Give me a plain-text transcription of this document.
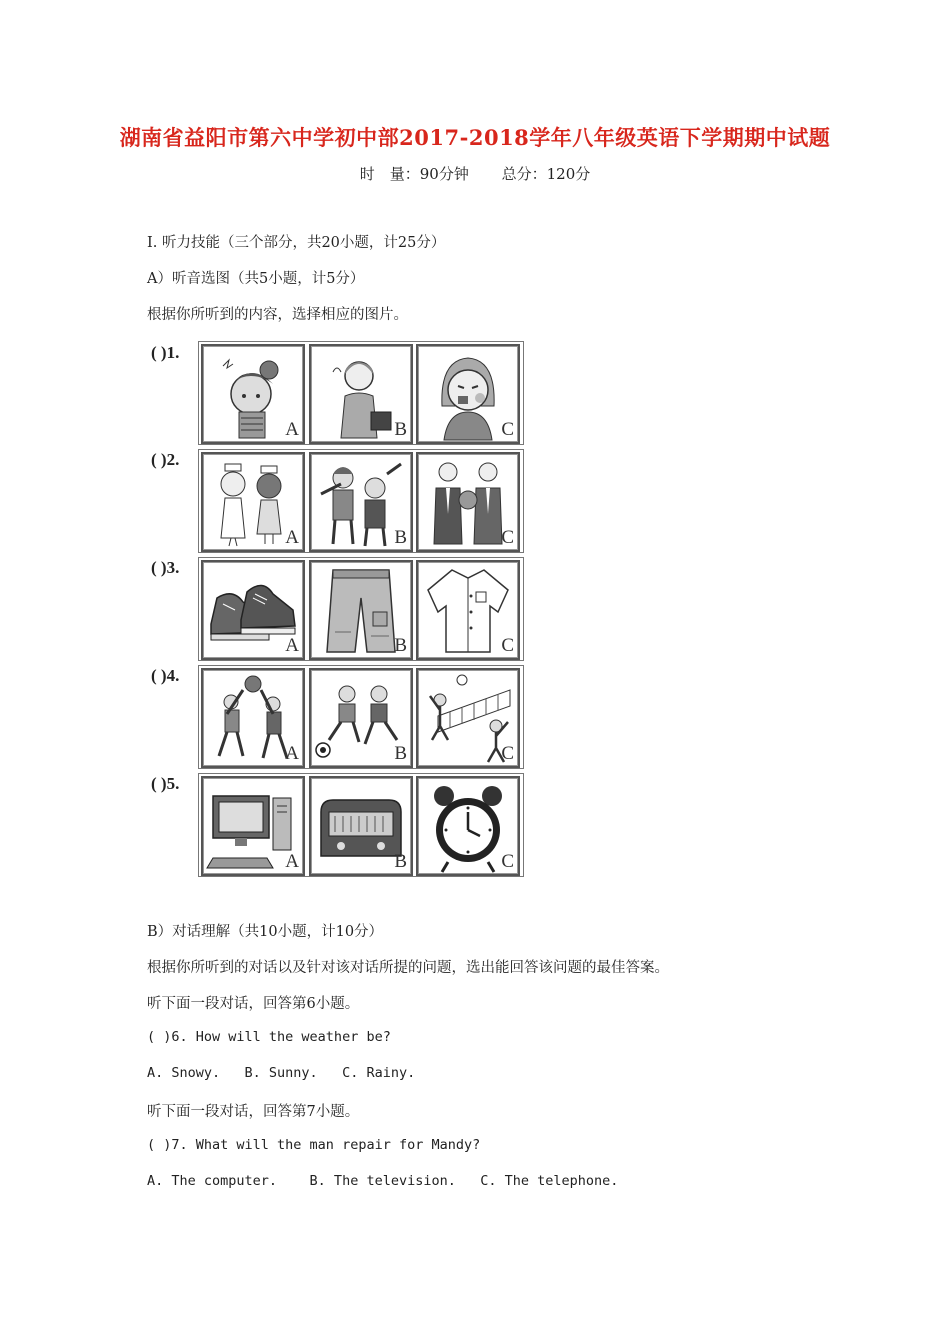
湖南省益阳市第六中学初中部2017-2018学年八年级英语下学期期中试题
时　量：90分钟 总分：120分
Ⅰ. 听力技能（三个部分，共20小题，计25分）
A）听音选图（共5小题，计5分）
根据你所听到的内容，选择相应的图片。
( )1.
A	B	C
( )2.
A	B	C
( )3.
A	B	C
( )4.
A	B	C
( )5.
A	B	C
B）对话理解（共10小题，计10分）
根据你所听到的对话以及针对该对话所提的问题，选出能回答该问题的最佳答案。
听下面一段对话，回答第6小题。
( )6. How will the weather be?
A. Snowy.   B. Sunny.   C. Rainy.
听下面一段对话，回答第7小题。
( )7. What will the man repair for Mandy?
A. The computer.    B. The television.   C. The telephone.
